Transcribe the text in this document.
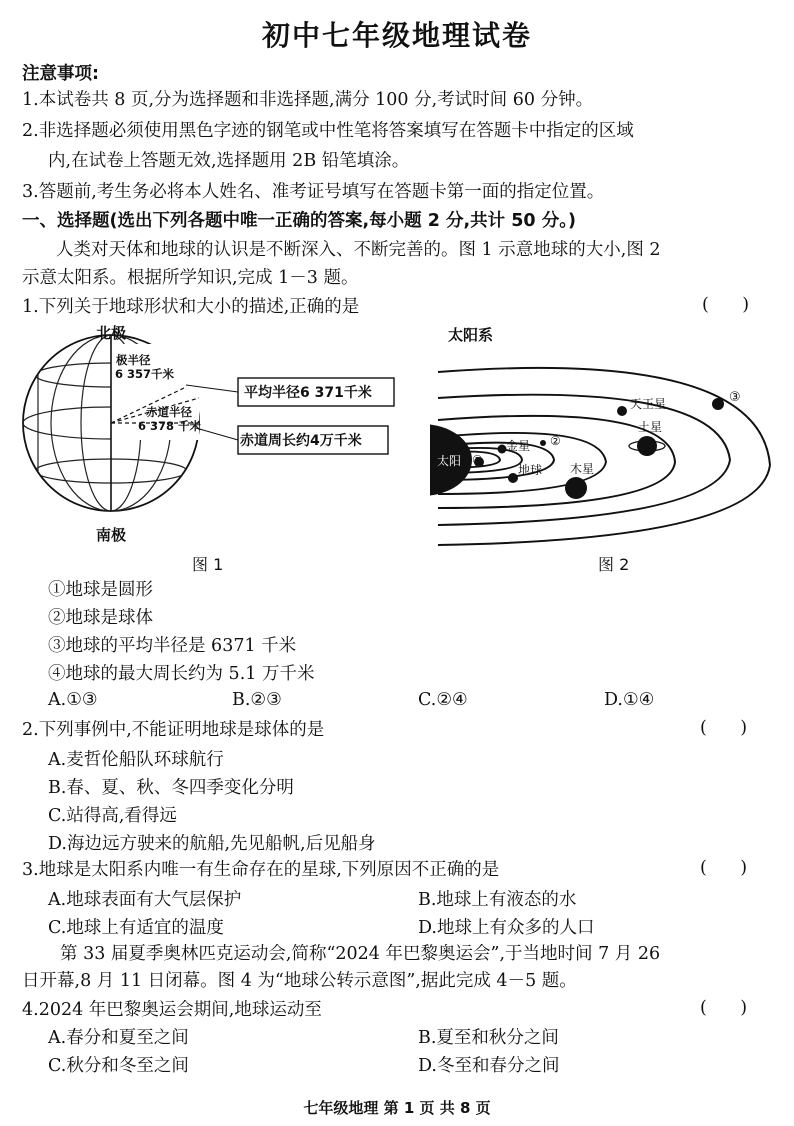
初中七年级地理试卷
注意事项:
1.本试卷共 8 页,分为选择题和非选择题,满分 100 分,考试时间 60 分钟。
2.非选择题必须使用黑色字迹的钢笔或中性笔将答案填写在答题卡中指定的区域
内,在试卷上答题无效,选择题用 2B 铅笔填涂。
3.答题前,考生务必将本人姓名、准考证号填写在答题卡第一面的指定位置。
一、选择题(选出下列各题中唯一正确的答案,每小题 2 分,共计 50 分。)
人类对天体和地球的认识是不断深入、不断完善的。图 1 示意地球的大小,图 2
示意太阳系。根据所学知识,完成 1－3 题。
1.下列关于地球形状和大小的描述,正确的是	(      )
北极
南极
极半径
6 357千米
赤道半径
6 378 千米
平均半径6 371千米
赤道周长约4万千米
图 1
太阳系
太阳 ①
金星 ②
地球 木星
土星
天王星	③
图 2
①地球是圆形
②地球是球体
③地球的平均半径是 6371 千米
④地球的最大周长约为 5.1 万千米
A.①③	B.②③	C.②④	D.①④
2.下列事例中,不能证明地球是球体的是	(      )
A.麦哲伦船队环球航行
B.春、夏、秋、冬四季变化分明
C.站得高,看得远
D.海边远方驶来的航船,先见船帆,后见船身
3.地球是太阳系内唯一有生命存在的星球,下列原因不正确的是	(      )
A.地球表面有大气层保护	B.地球上有液态的水
C.地球上有适宜的温度	D.地球上有众多的人口
第 33 届夏季奥林匹克运动会,简称“2024 年巴黎奥运会”,于当地时间 7 月 26
日开幕,8 月 11 日闭幕。图 4 为“地球公转示意图”,据此完成 4－5 题。
4.2024 年巴黎奥运会期间,地球运动至	(      )
A.春分和夏至之间	B.夏至和秋分之间
C.秋分和冬至之间	D.冬至和春分之间
七年级地理 第 1 页 共 8 页
